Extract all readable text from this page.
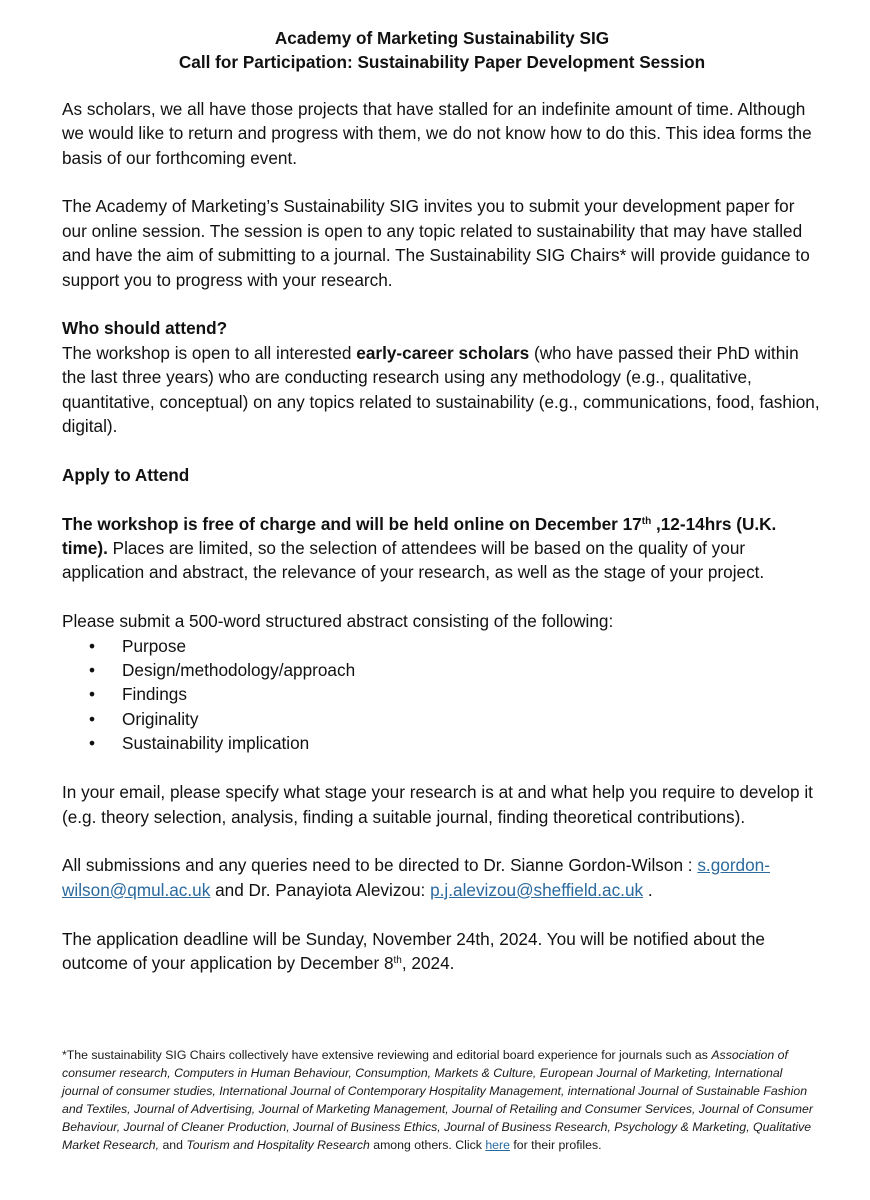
Academy of Marketing Sustainability SIG

Call for Participation: Sustainability Paper Development Session

As scholars, we all have those projects that have stalled for an indefinite amount of time. Although we would like to return and progress with them, we do not know how to do this. This idea forms the basis of our forthcoming event.

The Academy of Marketing’s Sustainability SIG invites you to submit your development paper for our online session. The session is open to any topic related to sustainability that may have stalled and have the aim of submitting to a journal. The Sustainability SIG Chairs* will provide guidance to support you to progress with your research.

Who should attend?

The workshop is open to all interested early-career scholars (who have passed their PhD within the last three years) who are conducting research using any methodology (e.g., qualitative, quantitative, conceptual) on any topics related to sustainability (e.g., communications, food, fashion, digital).

Apply to Attend

The workshop is free of charge and will be held online on December 17th ,12-14hrs (U.K. time). Places are limited, so the selection of attendees will be based on the quality of your application and abstract, the relevance of your research, as well as the stage of your project.

Please submit a 500-word structured abstract consisting of the following:

• Purpose
• Design/methodology/approach
• Findings
• Originality
• Sustainability implication

In your email, please specify what stage your research is at and what help you require to develop it (e.g. theory selection, analysis, finding a suitable journal, finding theoretical contributions).

All submissions and any queries need to be directed to Dr. Sianne Gordon-Wilson : s.gordon-wilson@qmul.ac.uk and Dr. Panayiota Alevizou: p.j.alevizou@sheffield.ac.uk .

The application deadline will be Sunday, November 24th, 2024. You will be notified about the outcome of your application by December 8th, 2024.

*The sustainability SIG Chairs collectively have extensive reviewing and editorial board experience for journals such as Association of consumer research, Computers in Human Behaviour, Consumption, Markets & Culture, European Journal of Marketing, International journal of consumer studies, International Journal of Contemporary Hospitality Management, international Journal of Sustainable Fashion and Textiles, Journal of Advertising, Journal of Marketing Management, Journal of Retailing and Consumer Services, Journal of Consumer Behaviour, Journal of Cleaner Production, Journal of Business Ethics, Journal of Business Research, Psychology & Marketing, Qualitative Market Research, and Tourism and Hospitality Research among others. Click here for their profiles.
